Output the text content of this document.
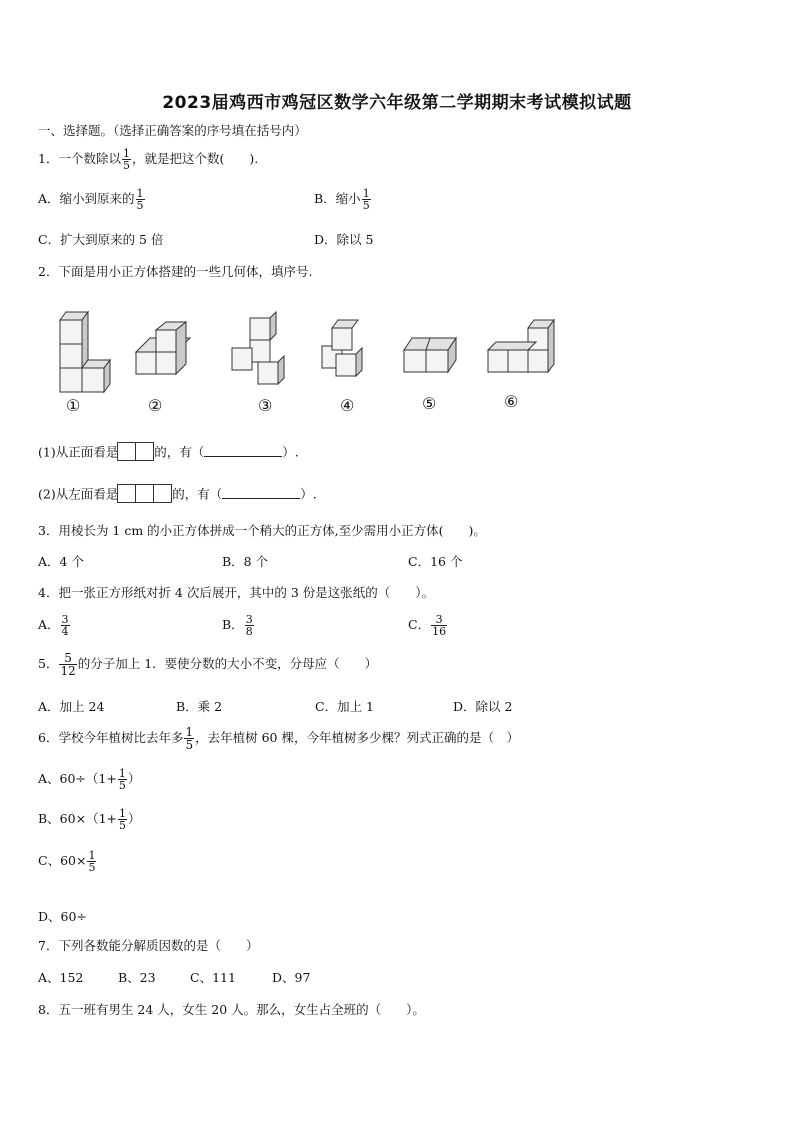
2023届鸡西市鸡冠区数学六年级第二学期期末考试模拟试题
一、选择题。（选择正确答案的序号填在括号内）
1．一个数除以 $\frac{1}{5}$ ，就是把这个数(　　).
A．缩小到原来的 $\frac{1}{5}$	B．缩小 $\frac{1}{5}$
C．扩大到原来的 5 倍	D．除以 5
2．下面是用小正方体搭建的一些几何体，填序号.
①	②	③	④	⑤	⑥
(1)从正面看是	的，有（	）.
(2)从左面看是	的，有（	）.
3．用棱长为 1 cm 的小正方体拼成一个稍大的正方体,至少需用小正方体(　　)。
A．4 个	B．8 个	C．16 个
4．把一张正方形纸对折 4 次后展开，其中的 3 份是这张纸的（　　）。
A． $\frac{3}{4}$	B． $\frac{3}{8}$	C． $\frac{3}{16}$
5． $\frac{5}{12}$ 的分子加上 1．要使分数的大小不变，分母应（　　）
A．加上 24	B．乘 2	C．加上 1	D．除以 2
6．学校今年植树比去年多 $\frac{1}{5}$ ，去年植树 60 棵，今年植树多少棵？列式正确的是（　）
A、$60\div(1+ \frac{1}{5}$ ）
B、$60\times(1+ \frac{1}{5}$ ）
C、$60\times \frac{1}{5}$
D、60÷
7．下列各数能分解质因数的是（　　）
A、152	B、23	C、111	D、97
8．五一班有男生 24 人，女生 20 人。那么，女生占全班的（　　）。
